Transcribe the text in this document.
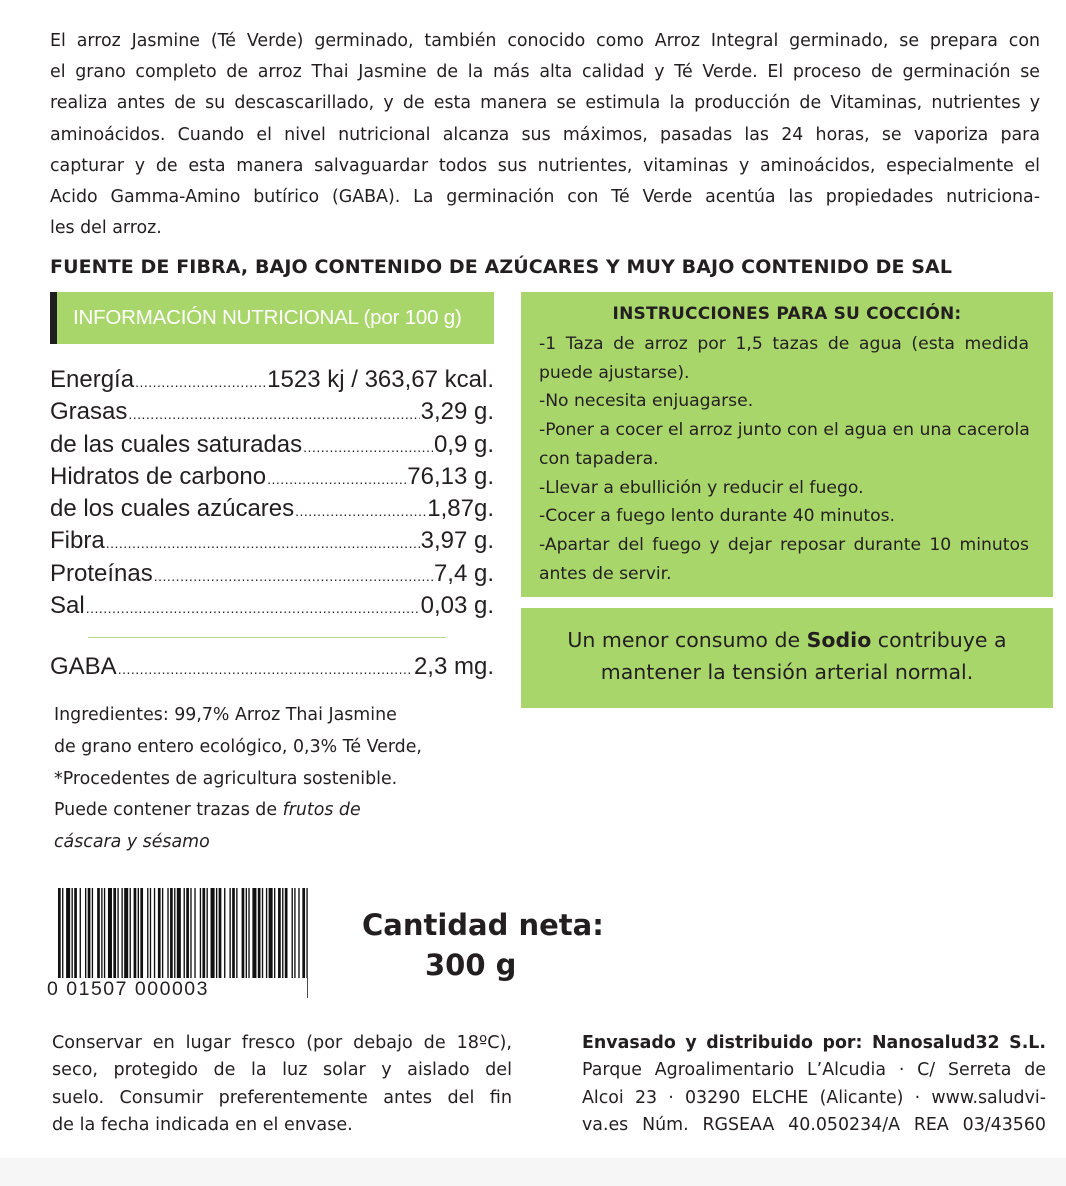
El arroz Jasmine (Té Verde) germinado, también conocido como Arroz Integral germinado, se prepara con
el grano completo de arroz Thai Jasmine de la más alta calidad y Té Verde. El proceso de germinación se
realiza antes de su descascarillado, y de esta manera se estimula la producción de Vitaminas, nutrientes y
aminoácidos. Cuando el nivel nutricional alcanza sus máximos, pasadas las 24 horas, se vaporiza para
capturar y de esta manera salvaguardar todos sus nutrientes, vitaminas y aminoácidos, especialmente el
Acido Gamma-Amino butírico (GABA). La germinación con Té Verde acentúa las propiedades nutriciona-
les del arroz.
FUENTE DE FIBRA, BAJO CONTENIDO DE AZÚCARES Y MUY BAJO CONTENIDO DE SAL
INFORMACIÓN NUTRICIONAL (por 100 g)
Energía .....	1523 kj / 363,67 kcal.
Grasas .....	3,29 g.
de las cuales saturadas .....	0,9 g.
Hidratos de carbono .....	76,13 g.
de los cuales azúcares .....	1,87g.
Fibra .....	3,97 g.
Proteínas .....	7,4 g.
Sal .....	0,03 g.
GABA .....	2,3 mg.
Ingredientes: 99,7% Arroz Thai Jasmine
de grano entero ecológico, 0,3% Té Verde,
*Procedentes de agricultura sostenible.
Puede contener trazas de frutos de
cáscara y sésamo
INSTRUCCIONES PARA SU COCCIÓN:
-1 Taza de arroz por 1,5 tazas de agua (esta medida
puede ajustarse).
-No necesita enjuagarse.
-Poner a cocer el arroz junto con el agua en una cacerola
con tapadera.
-Llevar a ebullición y reducir el fuego.
-Cocer a fuego lento durante 40 minutos.
-Apartar del fuego y dejar reposar durante 10 minutos
antes de servir.
Un menor consumo de Sodio contribuye a
mantener la tensión arterial normal.
0 01507 000003
Cantidad neta:
300 g
Conservar en lugar fresco (por debajo de 18ºC),
seco, protegido de la luz solar y aislado del
suelo. Consumir preferentemente antes del fin
de la fecha indicada en el envase.
Envasado y distribuido por: Nanosalud32 S.L.
Parque Agroalimentario L’Alcudia · C/ Serreta de
Alcoi 23 · 03290 ELCHE (Alicante) · www.saludvi-
va.es Núm. RGSEAA 40.050234/A REA 03/43560
